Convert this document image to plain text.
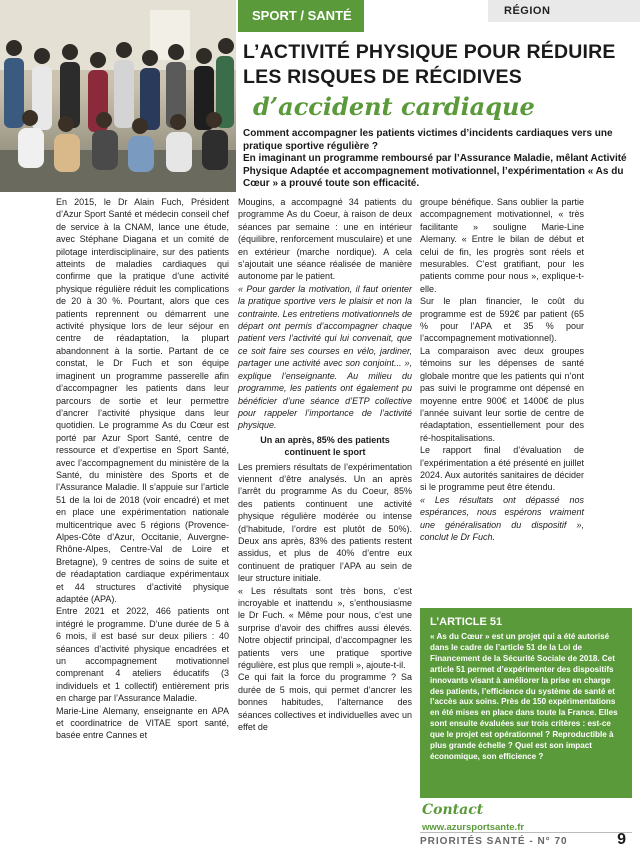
SPORT / SANTÉ	RÉGION
L’ACTIVITÉ PHYSIQUE POUR RÉDUIRE
LES RISQUES DE RÉCIDIVES
d’accident cardiaque

Comment accompagner les patients victimes d’incidents cardiaques vers une pratique sportive régulière ?

En imaginant un programme remboursé par l’Assurance Maladie, mêlant Activité Physique Adaptée et accompagnement motivationnel, l’expérimentation « As du Cœur » a prouvé toute son efficacité.

En 2015, le Dr Alain Fuch, Président d’Azur Sport Santé et médecin conseil chef de service à la CNAM, lance une étude, avec Stéphane Diagana et un comité de pilotage interdisciplinaire, sur des patients atteints de maladies cardiaques qui confirme que la pratique d’une activité physique régulière réduit les complications de 20 à 30 %. Pourtant, alors que ces patients reprennent ou démarrent une activité physique lors de leur séjour en centre de réadaptation, la plupart abandonnent à la sortie. Partant de ce constat, le Dr Fuch et son équipe imaginent un programme passerelle afin d’accompagner les patients dans leur parcours de sortie et leur permettre d’ancrer l’activité physique dans leur quotidien. Le programme As du Cœur est porté par Azur Sport Santé, centre de ressource et d’expertise en Sport Santé, avec l’accompagnement du ministère de la Santé, du ministère des Sports et de l’Assurance Maladie. Il s’appuie sur l’article 51 de la loi de 2018 (voir encadré) et met en place une expérimentation nationale multicentrique avec 5 régions (Provence-Alpes-Côte d’Azur, Occitanie, Auvergne-Rhône-Alpes, Centre-Val de Loire et Bretagne), 9 centres de soins de suite et de réadaptation cardiaque expérimentaux et 44 structures d’activité physique adaptée (APA).

Entre 2021 et 2022, 466 patients ont intégré le programme. D’une durée de 5 à 6 mois, il est basé sur deux piliers : 40 séances d’activité physique encadrées et un accompagnement motivationnel comprenant 4 ateliers éducatifs (3 individuels et 1 collectif) entièrement pris en charge par l’Assurance Maladie.

Marie-Line Alemany, enseignante en APA et coordinatrice de VITAE sport santé, basée entre Cannes et

Mougins, a accompagné 34 patients du programme As du Coeur, à raison de deux séances par semaine : une en intérieur (équilibre, renforcement musculaire) et une en extérieur (marche nordique). A cela s’ajoutait une séance réalisée de manière autonome par le patient.

« Pour garder la motivation, il faut orienter la pratique sportive vers le plaisir et non la contrainte. Les entretiens motivationnels de départ ont permis d’accompagner chaque patient vers l’activité qui lui convenait, que ce soit faire ses courses en vélo, jardiner, partager une activité avec son conjoint... », explique l’enseignante. Au milieu du programme, les patients ont également pu bénéficier d’une séance d’ETP collective pour rappeler l’importance de l’activité physique.

Un an après, 85% des patients continuent le sport

Les premiers résultats de l’expérimentation viennent d’être analysés. Un an après l’arrêt du programme As du Coeur, 85% des patients continuent une activité physique régulière modérée ou intense (d’habitude, l’ordre est plutôt de 50%). Deux ans après, 83% des patients restent assidus, et plus de 40% d’entre eux continuent de pratiquer l’APA au sein de leur structure initiale.

« Les résultats sont très bons, c’est incroyable et inattendu », s’enthousiasme le Dr Fuch. « Même pour nous, c’est une surprise d’avoir des chiffres aussi élevés. Notre objectif principal, d’accompagner les patients vers une pratique sportive régulière, est plus que rempli », ajoute-t-il.

Ce qui fait la force du programme ? Sa durée de 5 mois, qui permet d’ancrer les bonnes habitudes, l’alternance des séances collectives et individuelles avec un effet de

groupe bénéfique. Sans oublier la partie accompagnement motivationnel, « très facilitante » souligne Marie-Line Alemany. « Entre le bilan de début et celui de fin, les progrès sont réels et mesurables. C’est gratifiant, pour les patients comme pour nous », explique-t-elle.

Sur le plan financier, le coût du programme est de 592€ par patient (65 % pour l’APA et 35 % pour l’accompagnement motivationnel).

La comparaison avec deux groupes témoins sur les dépenses de santé globale montre que les patients qui n’ont pas suivi le programme ont dépensé en moyenne entre 900€ et 1400€ de plus l’année suivant leur sortie de centre de réadaptation, essentiellement pour des ré-hospitalisations.

Le rapport final d’évaluation de l’expérimentation a été présenté en juillet 2024. Aux autorités sanitaires de décider si le programme peut être étendu.

« Les résultats ont dépassé nos espérances, nous espérons vraiment une généralisation du dispositif », conclut le Dr Fuch.

L’ARTICLE 51
« As du Cœur » est un projet qui a été autorisé dans le cadre de l’article 51 de la Loi de Financement de la Sécurité Sociale de 2018. Cet article 51 permet d’expérimenter des dispositifs innovants visant à améliorer la prise en charge des patients, l’efficience du système de santé et l’accès aux soins. Près de 150 expérimentations en été mises en place dans toute la France. Elles sont ensuite évaluées sur trois critères : est-ce que le projet est opérationnel ? Reproductible à plus grande échelle ? Quel est son impact économique, son efficience ?
Contact
www.azursportsante.fr
PRIORITÉS SANTÉ - N° 70	9
